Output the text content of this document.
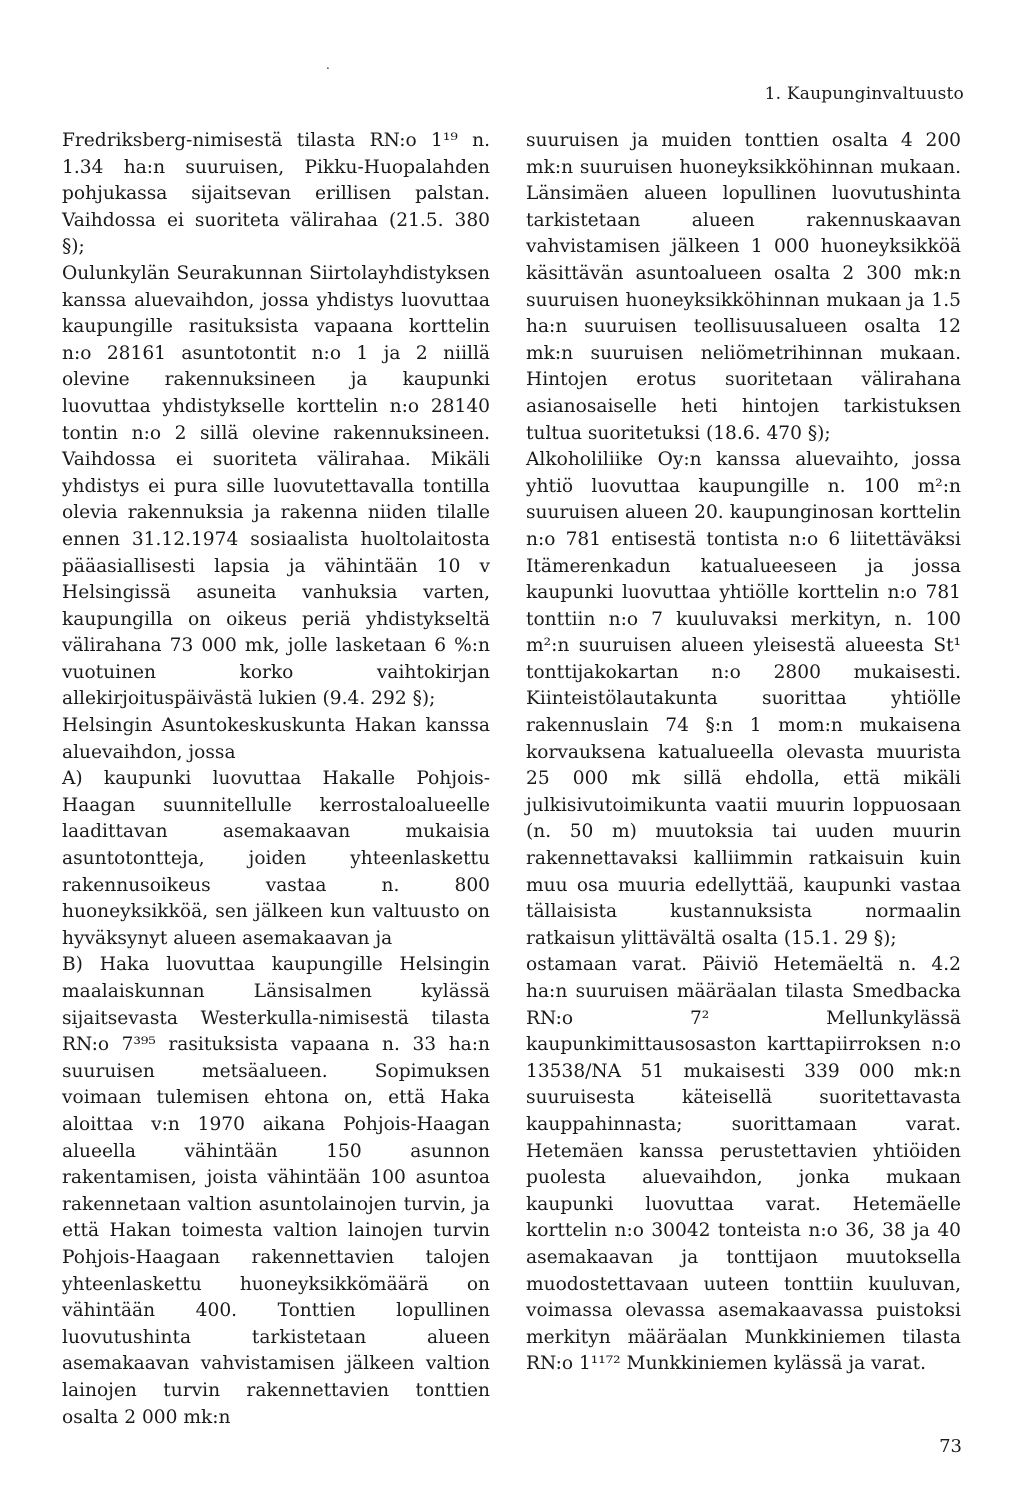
.
1. Kaupunginvaltuusto

Fredriksberg-nimisestä tilasta RN:o 1¹⁹ n. 1.34 ha:n suuruisen, Pikku-Huopalahden pohjukassa sijaitsevan erillisen palstan. Vaihdossa ei suoriteta välirahaa (21.5. 380 §);

Oulunkylän Seurakunnan Siirtolayhdistyksen kanssa aluevaihdon, jossa yhdistys luovuttaa kaupungille rasituksista vapaana korttelin n:o 28161 asuntotontit n:o 1 ja 2 niillä olevine rakennuksineen ja kaupunki luovuttaa yhdistykselle korttelin n:o 28140 tontin n:o 2 sillä olevine rakennuksineen. Vaihdossa ei suoriteta välirahaa. Mikäli yhdistys ei pura sille luovutettavalla tontilla olevia rakennuksia ja rakenna niiden tilalle ennen 31.12.1974 sosiaalista huoltolaitosta pääasiallisesti lapsia ja vähintään 10 v Helsingissä asuneita vanhuksia varten, kaupungilla on oikeus periä yhdistykseltä välirahana 73 000 mk, jolle lasketaan 6 %:n vuotuinen korko vaihtokirjan allekirjoituspäivästä lukien (9.4. 292 §);

Helsingin Asuntokeskuskunta Hakan kanssa aluevaihdon, jossa

A) kaupunki luovuttaa Hakalle Pohjois-Haagan suunnitellulle kerrostaloalueelle laadittavan asemakaavan mukaisia asuntotontteja, joiden yhteenlaskettu rakennusoikeus vastaa n. 800 huoneyksikköä, sen jälkeen kun valtuusto on hyväksynyt alueen asemakaavan ja

B) Haka luovuttaa kaupungille Helsingin maalaiskunnan Länsisalmen kylässä sijaitsevasta Westerkulla-nimisestä tilasta RN:o 7³⁹⁵ rasituksista vapaana n. 33 ha:n suuruisen metsäalueen. Sopimuksen voimaan tulemisen ehtona on, että Haka aloittaa v:n 1970 aikana Pohjois-Haagan alueella vähintään 150 asunnon rakentamisen, joista vähintään 100 asuntoa rakennetaan valtion asuntolainojen turvin, ja että Hakan toimesta valtion lainojen turvin Pohjois-Haagaan rakennettavien talojen yhteenlaskettu huoneyksikkömäärä on vähintään 400. Tonttien lopullinen luovutushinta tarkistetaan alueen asemakaavan vahvistamisen jälkeen valtion lainojen turvin rakennettavien tonttien osalta 2 000 mk:n

suuruisen ja muiden tonttien osalta 4 200 mk:n suuruisen huoneyksikköhinnan mukaan. Länsimäen alueen lopullinen luovutushinta tarkistetaan alueen rakennuskaavan vahvistamisen jälkeen 1 000 huoneyksikköä käsittävän asuntoalueen osalta 2 300 mk:n suuruisen huoneyksikköhinnan mukaan ja 1.5 ha:n suuruisen teollisuusalueen osalta 12 mk:n suuruisen neliömetrihinnan mukaan. Hintojen erotus suoritetaan välirahana asianosaiselle heti hintojen tarkistuksen tultua suoritetuksi (18.6. 470 §);

Alkoholiliike Oy:n kanssa aluevaihto, jossa yhtiö luovuttaa kaupungille n. 100 m²:n suuruisen alueen 20. kaupunginosan korttelin n:o 781 entisestä tontista n:o 6 liitettäväksi Itämerenkadun katualueeseen ja jossa kaupunki luovuttaa yhtiölle korttelin n:o 781 tonttiin n:o 7 kuuluvaksi merkityn, n. 100 m²:n suuruisen alueen yleisestä alueesta St¹ tonttijakokartan n:o 2800 mukaisesti. Kiinteistölautakunta suorittaa yhtiölle rakennuslain 74 §:n 1 mom:n mukaisena korvauksena katualueella olevasta muurista 25 000 mk sillä ehdolla, että mikäli julkisivutoimikunta vaatii muurin loppuosaan (n. 50 m) muutoksia tai uuden muurin rakennettavaksi kalliimmin ratkaisuin kuin muu osa muuria edellyttää, kaupunki vastaa tällaisista kustannuksista normaalin ratkaisun ylittävältä osalta (15.1. 29 §);

ostamaan varat. Päiviö Hetemäeltä n. 4.2 ha:n suuruisen määräalan tilasta Smedbacka RN:o 7² Mellunkylässä kaupunkimittausosaston karttapiirroksen n:o 13538/NA 51 mukaisesti 339 000 mk:n suuruisesta käteisellä suoritettavasta kauppahinnasta; suorittamaan varat. Hetemäen kanssa perustettavien yhtiöiden puolesta aluevaihdon, jonka mukaan kaupunki luovuttaa varat. Hetemäelle korttelin n:o 30042 tonteista n:o 36, 38 ja 40 asemakaavan ja tonttijaon muutoksella muodostettavaan uuteen tonttiin kuuluvan, voimassa olevassa asemakaavassa puistoksi merkityn määräalan Munkkiniemen tilasta RN:o 1¹¹⁷² Munkkiniemen kylässä ja varat.

73
